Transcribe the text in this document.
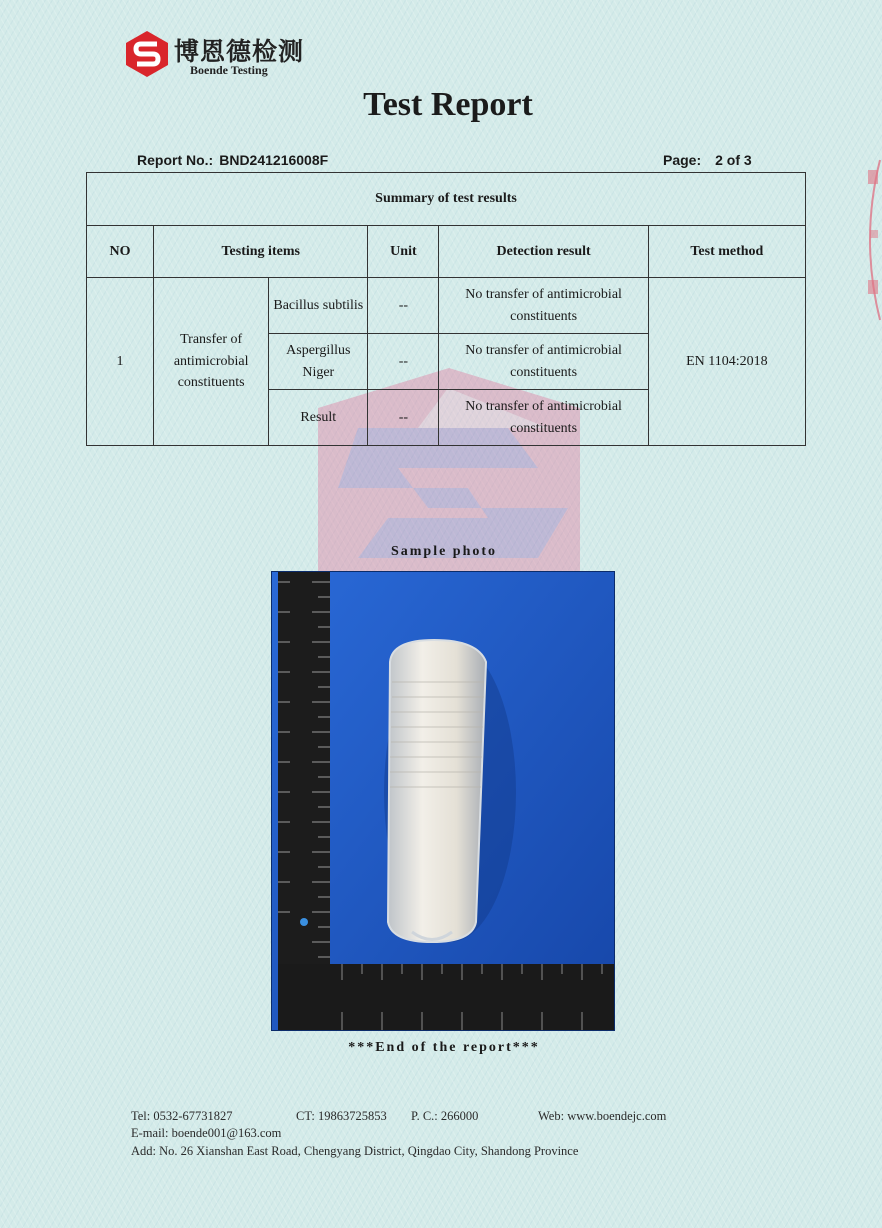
博恩德检测
Boende Testing
Test Report
Report No.: BND241216008F	Page: 2 of 3
Summary of test results					
NO	Testing items		Unit	Detection result	Test method
1	Transfer of antimicrobial constituents	Bacillus subtilis	--	No transfer of antimicrobial constituents	EN 1104:2018
		Aspergillus Niger	--	No transfer of antimicrobial constituents	
		Result	--	No transfer of antimicrobial constituents	
Sample photo
***End of the report***
Tel: 0532-67731827	CT: 19863725853 P. C.: 266000	Web: www.boendejc.com
E-mail: boende001@163.com
Add: No. 26 Xianshan East Road, Chengyang District, Qingdao City, Shandong Province
